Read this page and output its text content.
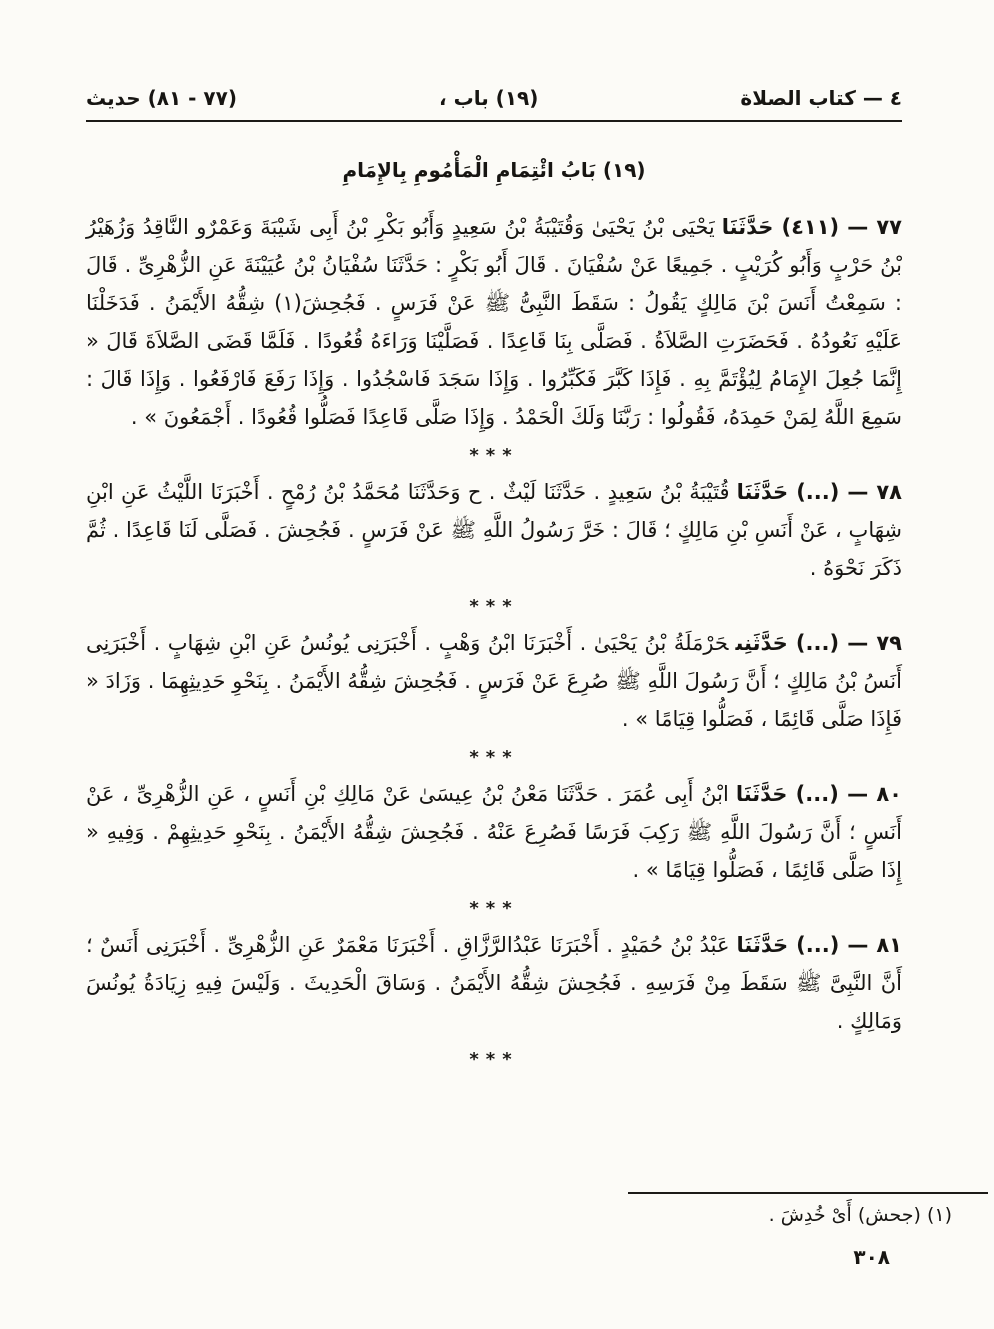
٤ — كتاب الصلاة
(١٩) باب ،
(٧٧ - ٨١) حديث
(١٩) بَابُ ائْتِمَامِ الْمَأْمُومِ بِالإِمَامِ

٧٧ — (٤١١) حَدَّثَنَايَحْيَى بْنُ يَحْيَىٰ وَقُتَيْبَةُ بْنُ سَعِيدٍ وَأَبُو بَكْرِ بْنُ أَبِى شَيْبَةَ وَعَمْرٌو النَّاقِدُ وَزُهَيْرُ بْنُ حَرْبٍ وَأَبُو كُرَيْبٍ . جَمِيعًا عَنْ سُفْيَانَ . قَالَ أَبُو بَكْرٍ : حَدَّثَنَا سُفْيَانُ بْنُ عُيَيْنَةَ عَنِ الزُّهْرِىِّ . قَالَ : سَمِعْتُ أَنَسَ بْنَ مَالِكٍ يَقُولُ : سَقَطَ النَّبِىُّ ﷺ عَنْ فَرَسٍ . فَجُحِشَ(١) شِقُّهُ الأَيْمَنُ . فَدَخَلْنَا عَلَيْهِ نَعُودُهُ . فَحَضَرَتِ الصَّلاَةُ . فَصَلَّى بِنَا قَاعِدًا . فَصَلَّيْنَا وَرَاءَهُ قُعُودًا . فَلَمَّا قَضَى الصَّلاَةَ قَالَ « إِنَّمَا جُعِلَ الإِمَامُ لِيُؤْتَمَّ بِهِ . فَإِذَا كَبَّرَ فَكَبِّرُوا . وَإِذَا سَجَدَ فَاسْجُدُوا . وَإِذَا رَفَعَ فَارْفَعُوا . وَإِذَا قَالَ : سَمِعَ اللَّهُ لِمَنْ حَمِدَهُ، فَقُولُوا : رَبَّنَا وَلَكَ الْحَمْدُ . وَإِذَا صَلَّى قَاعِدًا فَصَلُّوا قُعُودًا . أَجْمَعُونَ » .

***

٧٨ — (...) حَدَّثَنَاقُتَيْبَةُ بْنُ سَعِيدٍ . حَدَّثَنَا لَيْثٌ . ح وَحَدَّثَنَا مُحَمَّدُ بْنُ رُمْحٍ . أَخْبَرَنَا اللَّيْثُ عَنِ ابْنِ شِهَابٍ ، عَنْ أَنَسِ بْنِ مَالِكٍ ؛ قَالَ : خَرَّ رَسُولُ اللَّهِ ﷺ عَنْ فَرَسٍ . فَجُحِشَ . فَصَلَّى لَنَا قَاعِدًا . ثُمَّ ذَكَرَ نَحْوَهُ .

***

٧٩ — (...) حَدَّثَنِىحَرْمَلَةُ بْنُ يَحْيَىٰ . أَخْبَرَنَا ابْنُ وَهْبٍ . أَخْبَرَنِى يُونُسُ عَنِ ابْنِ شِهَابٍ . أَخْبَرَنِى أَنَسُ بْنُ مَالِكٍ ؛ أَنَّ رَسُولَ اللَّهِ ﷺ صُرِعَ عَنْ فَرَسٍ . فَجُحِشَ شِقُّهُ الأَيْمَنُ . بِنَحْوِ حَدِيثِهِمَا . وَزَادَ « فَإِذَا صَلَّى قَائِمًا ، فَصَلُّوا قِيَامًا » .

***

٨٠ — (...) حَدَّثَنَاابْنُ أَبِى عُمَرَ . حَدَّثَنَا مَعْنُ بْنُ عِيسَىٰ عَنْ مَالِكِ بْنِ أَنَسٍ ، عَنِ الزُّهْرِىِّ ، عَنْ أَنَسٍ ؛ أَنَّ رَسُولَ اللَّهِ ﷺ رَكِبَ فَرَسًا فَصُرِعَ عَنْهُ . فَجُحِشَ شِقُّهُ الأَيْمَنُ . بِنَحْوِ حَدِيثِهِمْ . وَفِيهِ « إِذَا صَلَّى قَائِمًا ، فَصَلُّوا قِيَامًا » .

***

٨١ — (...) حَدَّثَنَاعَبْدُ بْنُ حُمَيْدٍ . أَخْبَرَنَا عَبْدُالرَّزَّاقِ . أَخْبَرَنَا مَعْمَرٌ عَنِ الزُّهْرِىِّ . أَخْبَرَنِى أَنَسٌ ؛ أَنَّ النَّبِىَّ ﷺ سَقَطَ مِنْ فَرَسِهِ . فَجُحِشَ شِقُّهُ الأَيْمَنُ . وَسَاقَ الْحَدِيثَ . وَلَيْسَ فِيهِ زِيَادَةُ يُونُسَ وَمَالِكٍ .

***
(١) (جحش) أَىْ خُدِشَ .
٣٠٨
